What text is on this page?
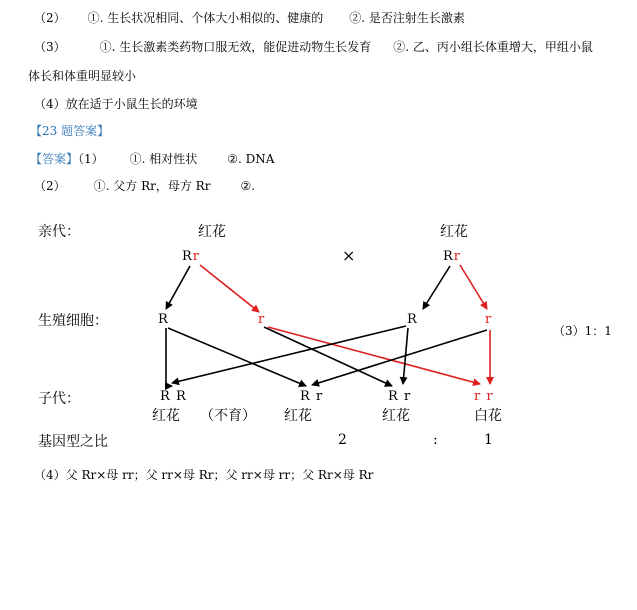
（2） ①. 生长状况相同、个体大小相似的、健康的 ②. 是否注射生长激素
（3）	①. 生长激素类药物口服无效，能促进动物生长发育 ②. 乙、丙小组长体重增大，甲组小鼠
体长和体重明显较小
（4）放在适于小鼠生长的环境
【23 题答案】
【答案】（1） ①. 相对性状	②. DNA
（2） ①. 父方 Rr，母方 Rr	②.
亲代：	红花	红花
Rr	×	Rr
生殖细胞：	R	r	R	r
（3）1：1
子代：	R R	R r	R r	r r
红花 （不育） 红花	红花	白花
基因型之比	2	:	1
（4）父 Rr×母 rr；父 rr×母 Rr；父 rr×母 rr；父 Rr×母 Rr
